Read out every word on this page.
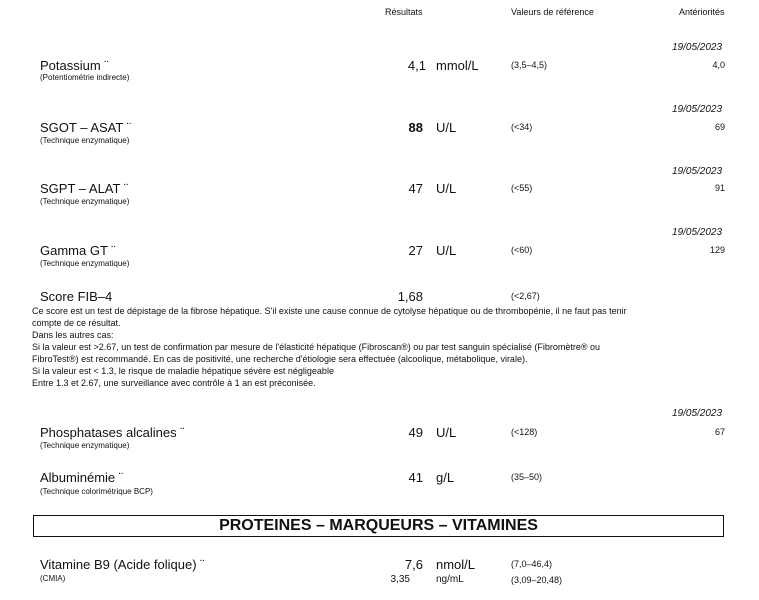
Résultats	Valeurs de référence	Antériorités
19/05/2023
Potassium ¨
(Potentiométrie indirecte)
4,1 mmol/L	(3,5–4,5)	4,0
19/05/2023
SGOT – ASAT ¨
(Technique enzymatique)
88 U/L	(<34)	69
19/05/2023
SGPT – ALAT ¨
(Technique enzymatique)
47 U/L	(<55)	91
19/05/2023
Gamma GT ¨
(Technique enzymatique)
27 U/L	(<60)	129
Score FIB–4	1,68	(<2,67)
Ce score est un test de dépistage de la fibrose hépatique. S'il existe une cause connue de cytolyse hépatique ou de thrombopénie, il ne faut pas tenir
compte de ce résultat.
Dans les autres cas:
Si la valeur est >2.67, un test de confirmation par mesure de l'élasticité hépatique (Fibroscan®) ou par test sanguin spécialisé (Fibromètre® ou
FibroTest®) est recommandé. En cas de positivité, une recherche d'étiologie sera effectuée (alcoolique, métabolique, virale).
Si la valeur est < 1.3, le risque de maladie hépatique sévère est négligeable
Entre 1.3 et 2.67, une surveillance avec contrôle à 1 an est préconisée.
19/05/2023
Phosphatases alcalines ¨
(Technique enzymatique)
49 U/L	(<128)	67
Albuminémie ¨
(Technique colorimétrique BCP)
41 g/L	(35–50)
PROTEINES – MARQUEURS – VITAMINES
Vitamine B9 (Acide folique) ¨
(CMIA)
7,6 nmol/L	(7,0–46,4)
3,35	ng/mL	(3,09–20,48)
